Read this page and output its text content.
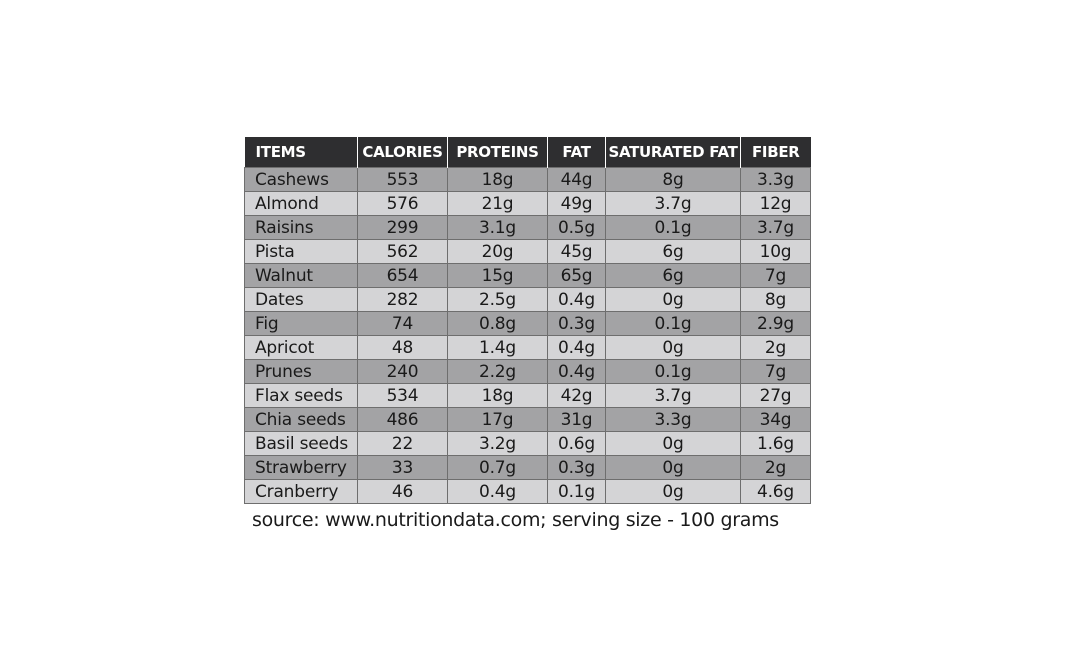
ITEMS	CALORIES	PROTEINS	FAT	SATURATED FAT	FIBER
Cashews	553	18g	44g	8g	3.3g
Almond	576	21g	49g	3.7g	12g
Raisins	299	3.1g	0.5g	0.1g	3.7g
Pista	562	20g	45g	6g	10g
Walnut	654	15g	65g	6g	7g
Dates	282	2.5g	0.4g	0g	8g
Fig	74	0.8g	0.3g	0.1g	2.9g
Apricot	48	1.4g	0.4g	0g	2g
Prunes	240	2.2g	0.4g	0.1g	7g
Flax seeds	534	18g	42g	3.7g	27g
Chia seeds	486	17g	31g	3.3g	34g
Basil seeds	22	3.2g	0.6g	0g	1.6g
Strawberry	33	0.7g	0.3g	0g	2g
Cranberry	46	0.4g	0.1g	0g	4.6g
source: www.nutritiondata.com; serving size - 100 grams
